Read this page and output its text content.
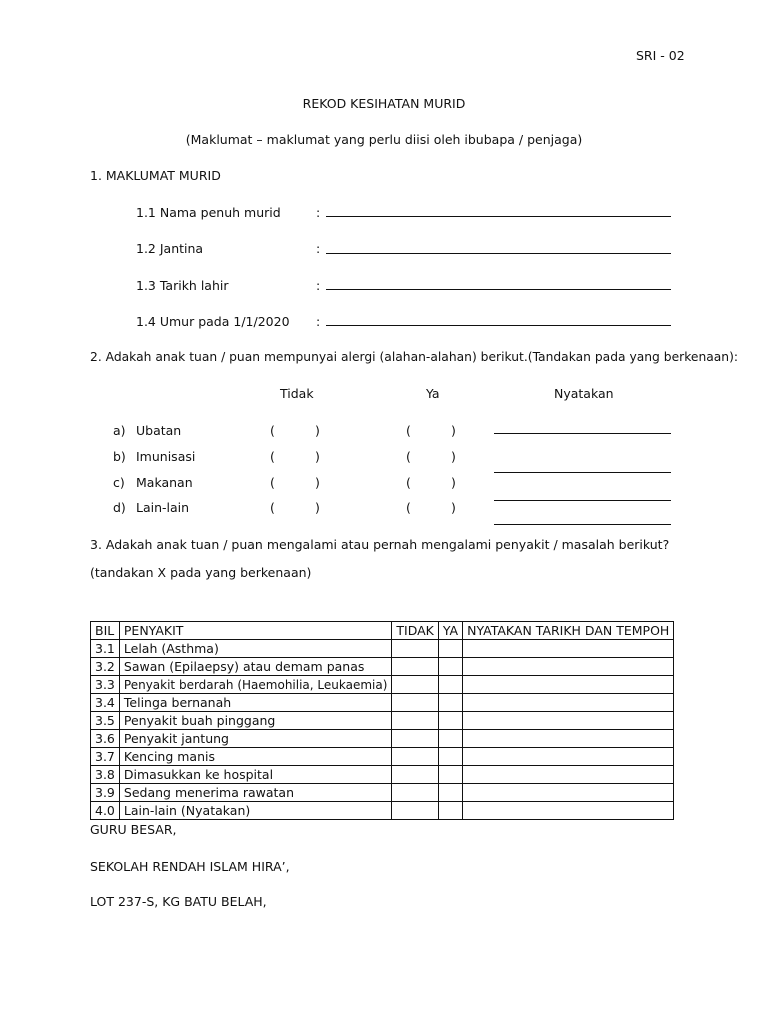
SRI - 02
REKOD KESIHATAN MURID
(Maklumat – maklumat yang perlu diisi oleh ibubapa / penjaga)
1. MAKLUMAT MURID
1.1 Nama penuh murid	:
1.2 Jantina	:
1.3 Tarikh lahir	:
1.4 Umur pada 1/1/2020 :
2. Adakah anak tuan / puan mempunyai alergi (alahan-alahan) berikut.(Tandakan pada yang berkenaan):
Tidak	Ya	Nyatakan
a) Ubatan	(	)	(	)
b) Imunisasi	(	)	(	)
c) Makanan	(	)	(	)
d) Lain-lain	(	)	(	)
3. Adakah anak tuan / puan mengalami atau pernah mengalami penyakit / masalah berikut?
(tandakan X pada yang berkenaan)
BIL	PENYAKIT	TIDAK	YA	NYATAKAN TARIKH DAN TEMPOH
3.1	Lelah (Asthma)			
3.2	Sawan (Epilaepsy) atau demam panas			
3.3	Penyakit berdarah (Haemohilia, Leukaemia)			
3.4	Telinga bernanah			
3.5	Penyakit buah pinggang			
3.6	Penyakit jantung			
3.7	Kencing manis			
3.8	Dimasukkan ke hospital			
3.9	Sedang menerima rawatan			
4.0	Lain-lain (Nyatakan)			
GURU BESAR,
SEKOLAH RENDAH ISLAM HIRA’,
LOT 237-S, KG BATU BELAH,
